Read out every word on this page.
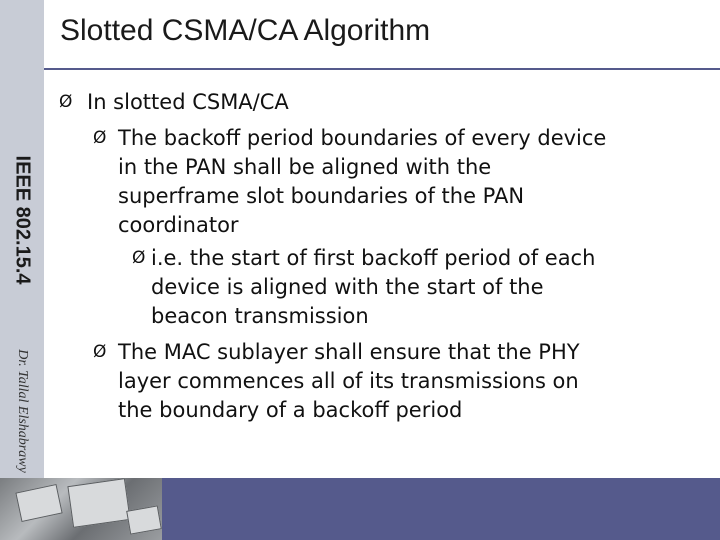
Slotted CSMA/CA Algorithm
IEEE 802.15.4
Dr. Tallal Elshabrawy
Ø In slotted CSMA/CA
Ø The backoff period boundaries of every device
in the PAN shall be aligned with the
superframe slot boundaries of the PAN
coordinator
Ø i.e. the start of first backoff period of each
device is aligned with the start of the
beacon transmission
Ø The MAC sublayer shall ensure that the PHY
layer commences all of its transmissions on
the boundary of a backoff period
